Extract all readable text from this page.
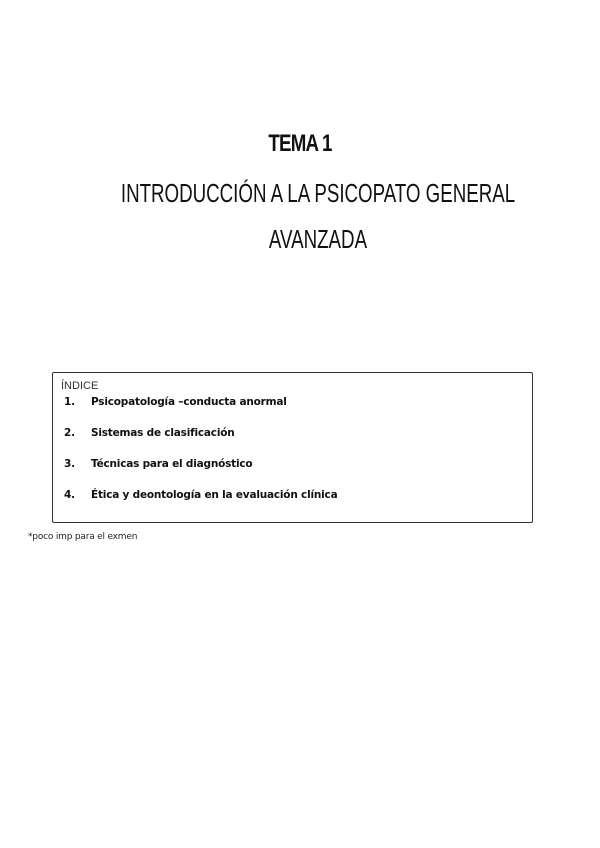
TEMA 1
INTRODUCCIÓN A LA PSICOPATO GENERAL
AVANZADA
ÍNDICE
1. Psicopatología –conducta anormal
2. Sistemas de clasificación
3. Técnicas para el diagnóstico
4. Ética y deontología en la evaluación clínica
*poco imp para el exmen
